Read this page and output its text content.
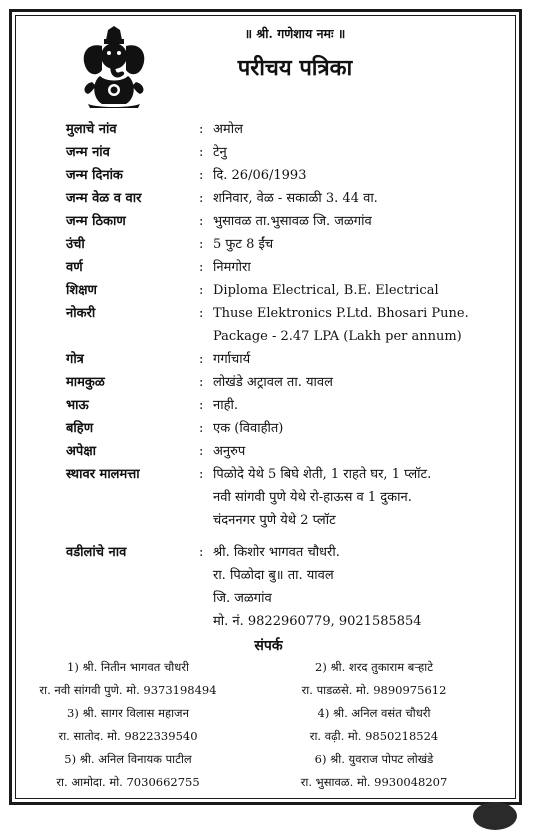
॥ श्री. गणेशाय नमः ॥
परीचय पत्रिका
मुलाचे नांव	: अमोल
जन्म नांव	: टेनु
जन्म दिनांक	: दि. 26/06/1993
जन्म वेळ व वार	: शनिवार, वेळ - सकाळी 3. 44 वा.
जन्म ठिकाण	: भुसावळ ता.भुसावळ जि. जळगांव
उंची	: 5 फुट 8 ईंच
वर्ण	: निमगोरा
शिक्षण	: Diploma Electrical, B.E. Electrical
नोकरी	: Thuse Elektronics P.Ltd. Bhosari Pune.
Package - 2.47 LPA (Lakh per annum)
गोत्र	: गर्गाचार्य
मामकुळ	: लोखंडे अट्रावल ता. यावल
भाऊ	: नाही.
बहिण	: एक (विवाहीत)
अपेक्षा	: अनुरुप
स्थावर मालमत्ता	: पिळोदे येथे 5 बिघे शेती, 1 राहते घर, 1 प्लॉट.
नवी सांगवी पुणे येथे रो-हाऊस व 1 दुकान.
चंदननगर पुणे येथे 2 प्लॉट
वडीलांचे नाव	: श्री. किशोर भागवत चौधरी.
रा. पिळोदा बु॥ ता. यावल
जि. जळगांव
मो. नं. 9822960779, 9021585854
संपर्क
1) श्री. नितीन भागवत चौधरी
रा. नवी सांगवी पुणे. मो. 9373198494
3) श्री. सागर विलास महाजन
रा. सातोद. मो. 9822339540
5) श्री. अनिल विनायक पाटील
रा. आमोदा. मो. 7030662755
2) श्री. शरद तुकाराम बऱ्हाटे
रा. पाडळसे. मो. 9890975612
4) श्री. अनिल वसंत चौधरी
रा. वढ़ी. मो. 9850218524
6) श्री. युवराज पोपट लोखंडे
रा. भुसावळ. मो. 9930048207
